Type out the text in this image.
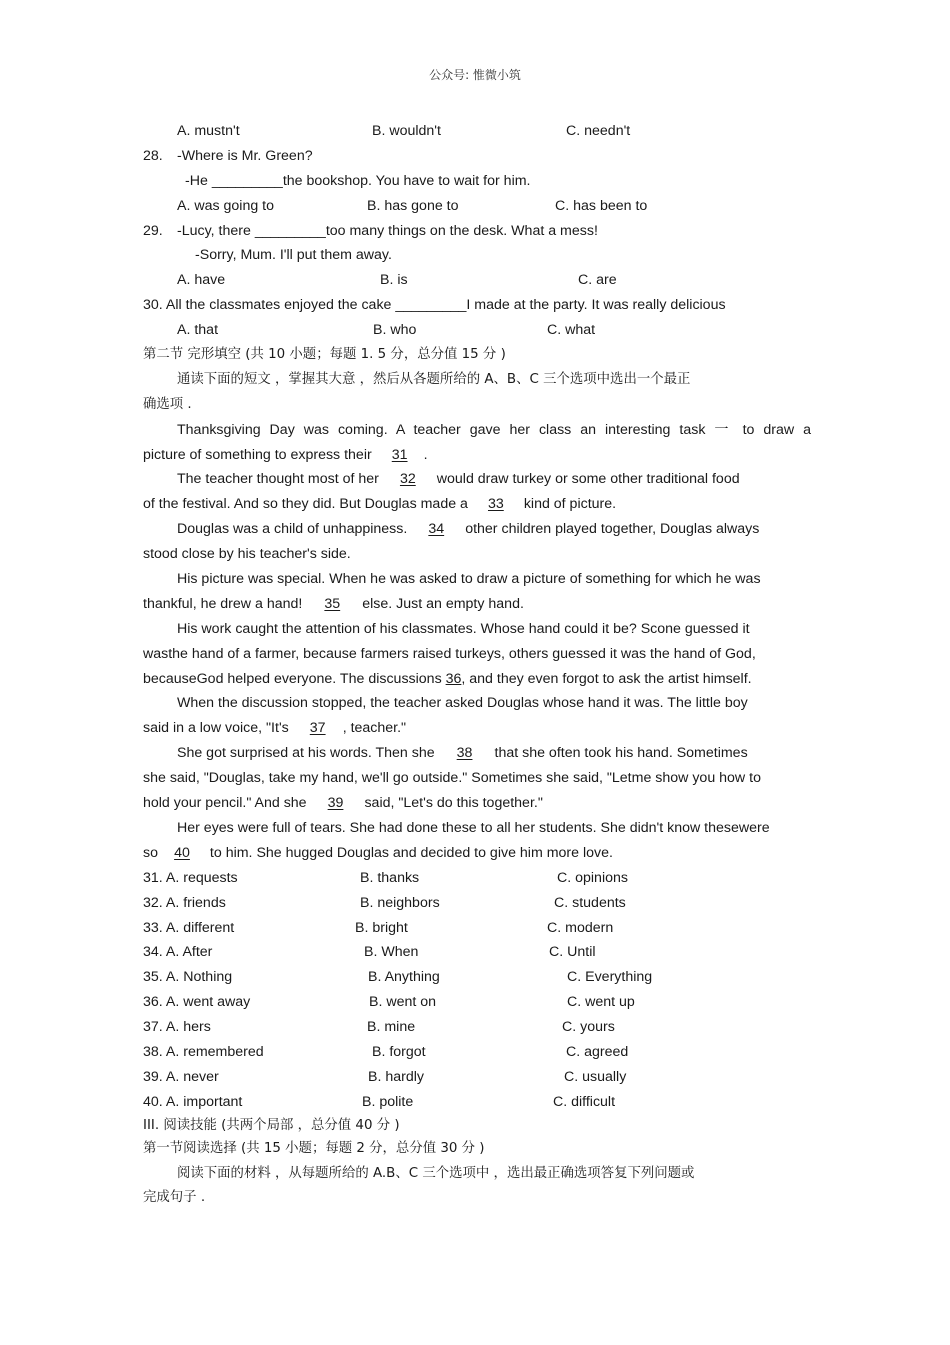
公众号: 惟微小筑
A. mustn't	B. wouldn't	C. needn't
28. -Where is Mr. Green?
-He _________the bookshop. You have to wait for him.
A. was going to	B. has gone to	C. has been to
29. -Lucy, there _________too many things on the desk. What a mess!
-Sorry, Mum. I'll put them away.
A. have	B. is	C. are
30. All the classmates enjoyed the cake _________I made at the party. It was really delicious
A. that	B. who	C. what
第二节 完形填空 (共 10 小题；每题 1. 5 分，总分值 15 分 )
通读下面的短文 ，掌握其大意 ，然后从各题所给的 A、B、C 三个选项中选出一个最正
确选项 .
Thanksgiving Day was coming. A teacher gave her class an interesting task 一 to draw a
picture of something to express their 31 .
The teacher thought most of her 32 would draw turkey or some other traditional food
of the festival. And so they did. But Douglas made a 33 kind of picture.
Douglas was a child of unhappiness. 34 other children played together, Douglas always
stood close by his teacher's side.
His picture was special. When he was asked to draw a picture of something for which he was
thankful, he drew a hand! 35 else. Just an empty hand.
His work caught the attention of his classmates. Whose hand could it be? Scone guessed it
wasthe hand of a farmer, because farmers raised turkeys, others guessed it was the hand of God,
becauseGod helped everyone. The discussions 36, and they even forgot to ask the artist himself.
When the discussion stopped, the teacher asked Douglas whose hand it was. The little boy
said in a low voice, "It's 37 , teacher."
She got surprised at his words. Then she 38 that she often took his hand. Sometimes
she said, "Douglas, take my hand, we'll go outside." Sometimes she said, "Letme show you how to
hold your pencil." And she 39 said, "Let's do this together."
Her eyes were full of tears. She had done these to all her students. She didn't know thesewere
so 40 to him. She hugged Douglas and decided to give him more love.
31. A. requests	B. thanks	C. opinions
32. A. friends	B. neighbors	C. students
33. A. different	B. bright	C. modern
34. A. After	B. When	C. Until
35. A. Nothing	B. Anything	C. Everything
36. A. went away	B. went on	C. went up
37. A. hers	B. mine	C. yours
38. A. remembered	B. forgot	C. agreed
39. A. never	B. hardly	C. usually
40. A. important	B. polite	C. difficult
III. 阅读技能 (共两个局部 ，总分值 40 分 )
第一节阅读选择 (共 15 小题；每题 2 分，总分值 30 分 )
阅读下面的材料 ，从每题所给的 A.B、C 三个选项中 ，选出最正确选项答复下列问题或
完成句子 .
